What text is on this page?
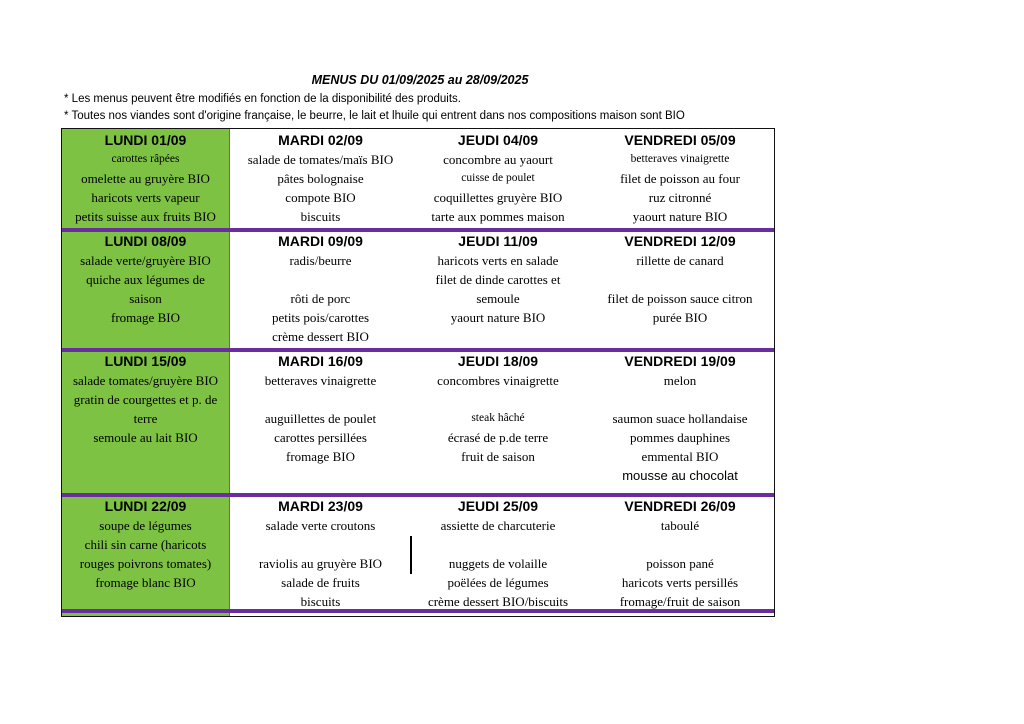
MENUS DU 01/09/2025 au 28/09/2025
* Les menus peuvent être modifiés en fonction de la disponibilité des produits.
* Toutes nos viandes sont d'origine française, le beurre, le lait et lhuile qui entrent dans nos compositions maison sont BIO
LUNDI 01/09
carottes râpées
omelette au gruyère BIO
haricots verts vapeur
petits suisse aux fruits BIO
MARDI 02/09
salade de tomates/maïs BIO
pâtes bolognaise
compote BIO
biscuits
JEUDI 04/09
concombre au yaourt
cuisse de poulet
coquillettes gruyère BIO
tarte aux pommes maison
VENDREDI 05/09
betteraves vinaigrette
filet de poisson au four
ruz citronné
yaourt nature BIO
LUNDI 08/09
salade verte/gruyère BIO
quiche aux légumes de
saison
fromage BIO
MARDI 09/09
radis/beurre

rôti de porc
petits pois/carottes
crème dessert BIO
JEUDI 11/09
haricots verts en salade
filet de dinde carottes et
semoule
yaourt nature BIO
VENDREDI 12/09
rillette de canard

filet de poisson sauce citron
purée BIO
LUNDI 15/09
salade tomates/gruyère BIO
gratin de courgettes et p. de
terre
semoule au lait BIO
MARDI 16/09
betteraves vinaigrette

auguillettes de poulet
carottes persillées
fromage BIO
JEUDI 18/09
concombres vinaigrette

steak hâché
écrasé de p.de terre
fruit de saison
VENDREDI 19/09
melon

saumon suace hollandaise
pommes dauphines
emmental BIO
mousse au chocolat
LUNDI 22/09
soupe de légumes
chili sin carne (haricots
rouges poivrons tomates)
fromage blanc BIO
MARDI 23/09
salade verte croutons

raviolis au gruyère BIO
salade de fruits
biscuits
JEUDI 25/09
assiette de charcuterie

nuggets de volaille
poëlées de légumes
crème dessert BIO/biscuits
VENDREDI 26/09
taboulé

poisson pané
haricots verts persillés
fromage/fruit de saison
